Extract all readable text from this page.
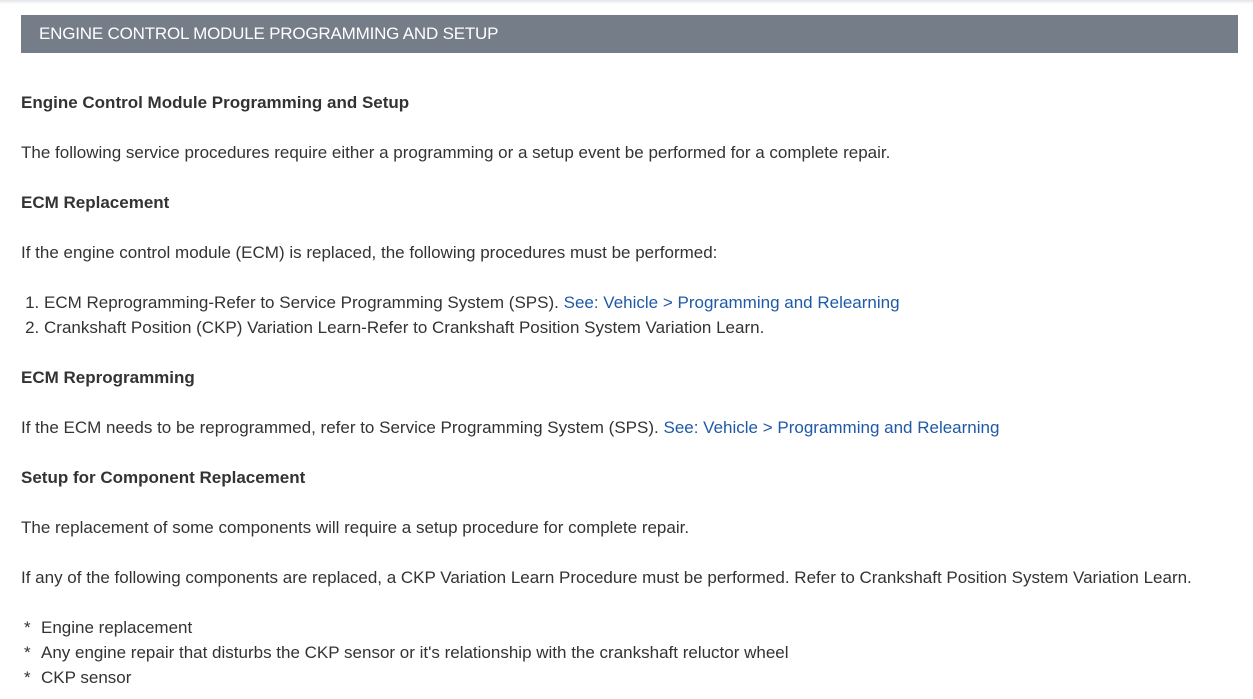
ENGINE CONTROL MODULE PROGRAMMING AND SETUP

Engine Control Module Programming and Setup

The following service procedures require either a programming or a setup event be performed for a complete repair.

ECM Replacement

If the engine control module (ECM) is replaced, the following procedures must be performed:

1. ECM Reprogramming-Refer to Service Programming System (SPS). See: Vehicle > Programming and Relearning
2. Crankshaft Position (CKP) Variation Learn-Refer to Crankshaft Position System Variation Learn.

ECM Reprogramming

If the ECM needs to be reprogrammed, refer to Service Programming System (SPS). See: Vehicle > Programming and Relearning

Setup for Component Replacement

The replacement of some components will require a setup procedure for complete repair.

If any of the following components are replaced, a CKP Variation Learn Procedure must be performed. Refer to Crankshaft Position System Variation Learn.

* Engine replacement
* Any engine repair that disturbs the CKP sensor or it's relationship with the crankshaft reluctor wheel
* CKP sensor
